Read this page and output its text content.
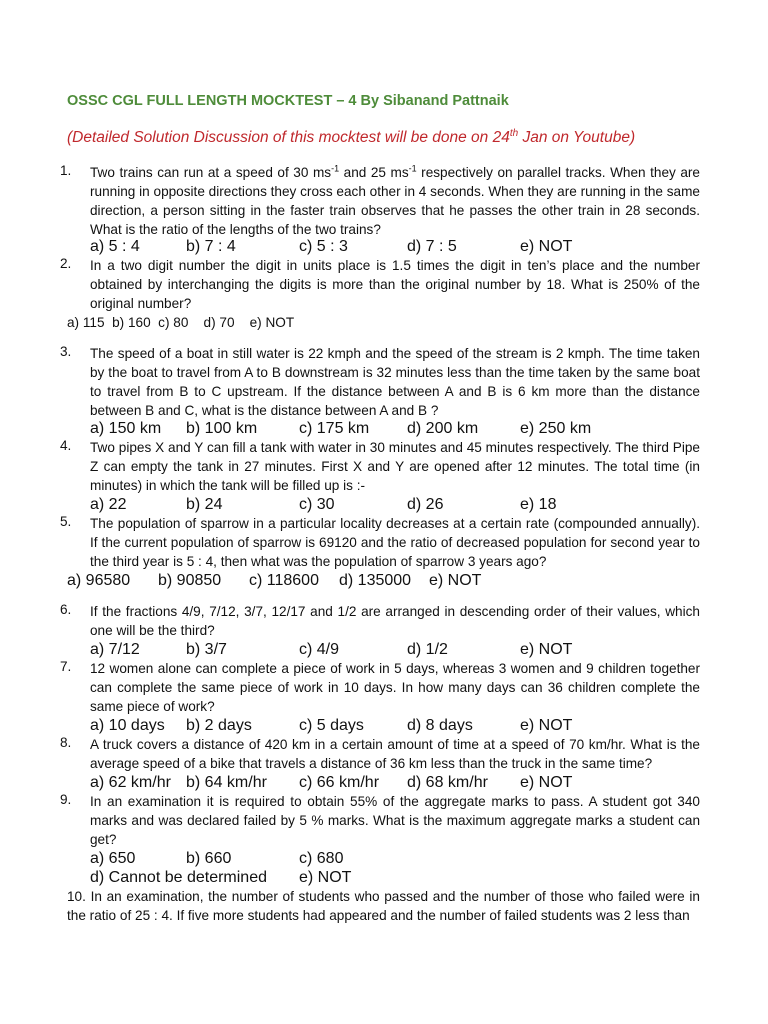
OSSC CGL FULL LENGTH MOCKTEST – 4 By Sibanand Pattnaik
(Detailed Solution Discussion of this mocktest will be done on 24th Jan on Youtube)
1. Two trains can run at a speed of 30 $ms^{-1}$ and 25 $ms^{-1}$ respectively on parallel tracks. When they are running in opposite directions they cross each other in 4 seconds. When they are running in the same direction, a person sitting in the faster train observes that he passes the other train in 28 seconds. What is the ratio of the lengths of the two trains?
a) 5 : 4	b) 7 : 4	c) 5 : 3	d) 7 : 5	e) NOT
2. In a two digit number the digit in units place is 1.5 times the digit in ten’s place and the number obtained by interchanging the digits is more than the original number by 18. What is 250% of the original number?
a) 115  b) 160  c) 80    d) 70    e) NOT
3. The speed of a boat in still water is 22 kmph and the speed of the stream is 2 kmph. The time taken by the boat to travel from A to B downstream is 32 minutes less than the time taken by the same boat to travel from B to C upstream. If the distance between A and B is 6 km more than the distance between B and C, what is the distance between A and B ?
a) 150 km b) 100 km	c) 175 km d) 200 km	e) 250 km
4. Two pipes X and Y can fill a tank with water in 30 minutes and 45 minutes respectively. The third Pipe Z can empty the tank in 27 minutes. First X and Y are opened after 12 minutes. The total time (in minutes) in which the tank will be filled up is :-
a) 22	b) 24	c) 30	d) 26	e) 18
5. The population of sparrow in a particular locality decreases at a certain rate (compounded annually). If the current population of sparrow is 69120 and the ratio of decreased population for second year to the third year is 5 : 4, then what was the population of sparrow 3 years ago?
a) 96580 b) 90850 c) 118600 d) 135000 e) NOT
6. If the fractions 4/9, 7/12, 3/7, 12/17 and 1/2 are arranged in descending order of their values, which one will be the third?
a) 7/12	b) 3/7	c) 4/9	d) 1/2	e) NOT
7. 12 women alone can complete a piece of work in 5 days, whereas 3 women and 9 children together can complete the same piece of work in 10 days. In how many days can 36 children complete the same piece of work?
a) 10 days b) 2 days	c) 5 days	d) 8 days	e) NOT
8. A truck covers a distance of 420 km in a certain amount of time at a speed of 70 km/hr. What is the average speed of a bike that travels a distance of 36 km less than the truck in the same time?
a) 62 km/hr b) 64 km/hr c) 66 km/hr d) 68 km/hr e) NOT
9. In an examination it is required to obtain 55% of the aggregate marks to pass. A student got 340 marks and was declared failed by 5 % marks. What is the maximum aggregate marks a student can get?
a) 650	b) 660	c) 680
d) Cannot be determined e) NOT
10. In an examination, the number of students who passed and the number of those who failed were in the ratio of 25 : 4. If five more students had appeared and the number of failed students was 2 less than
